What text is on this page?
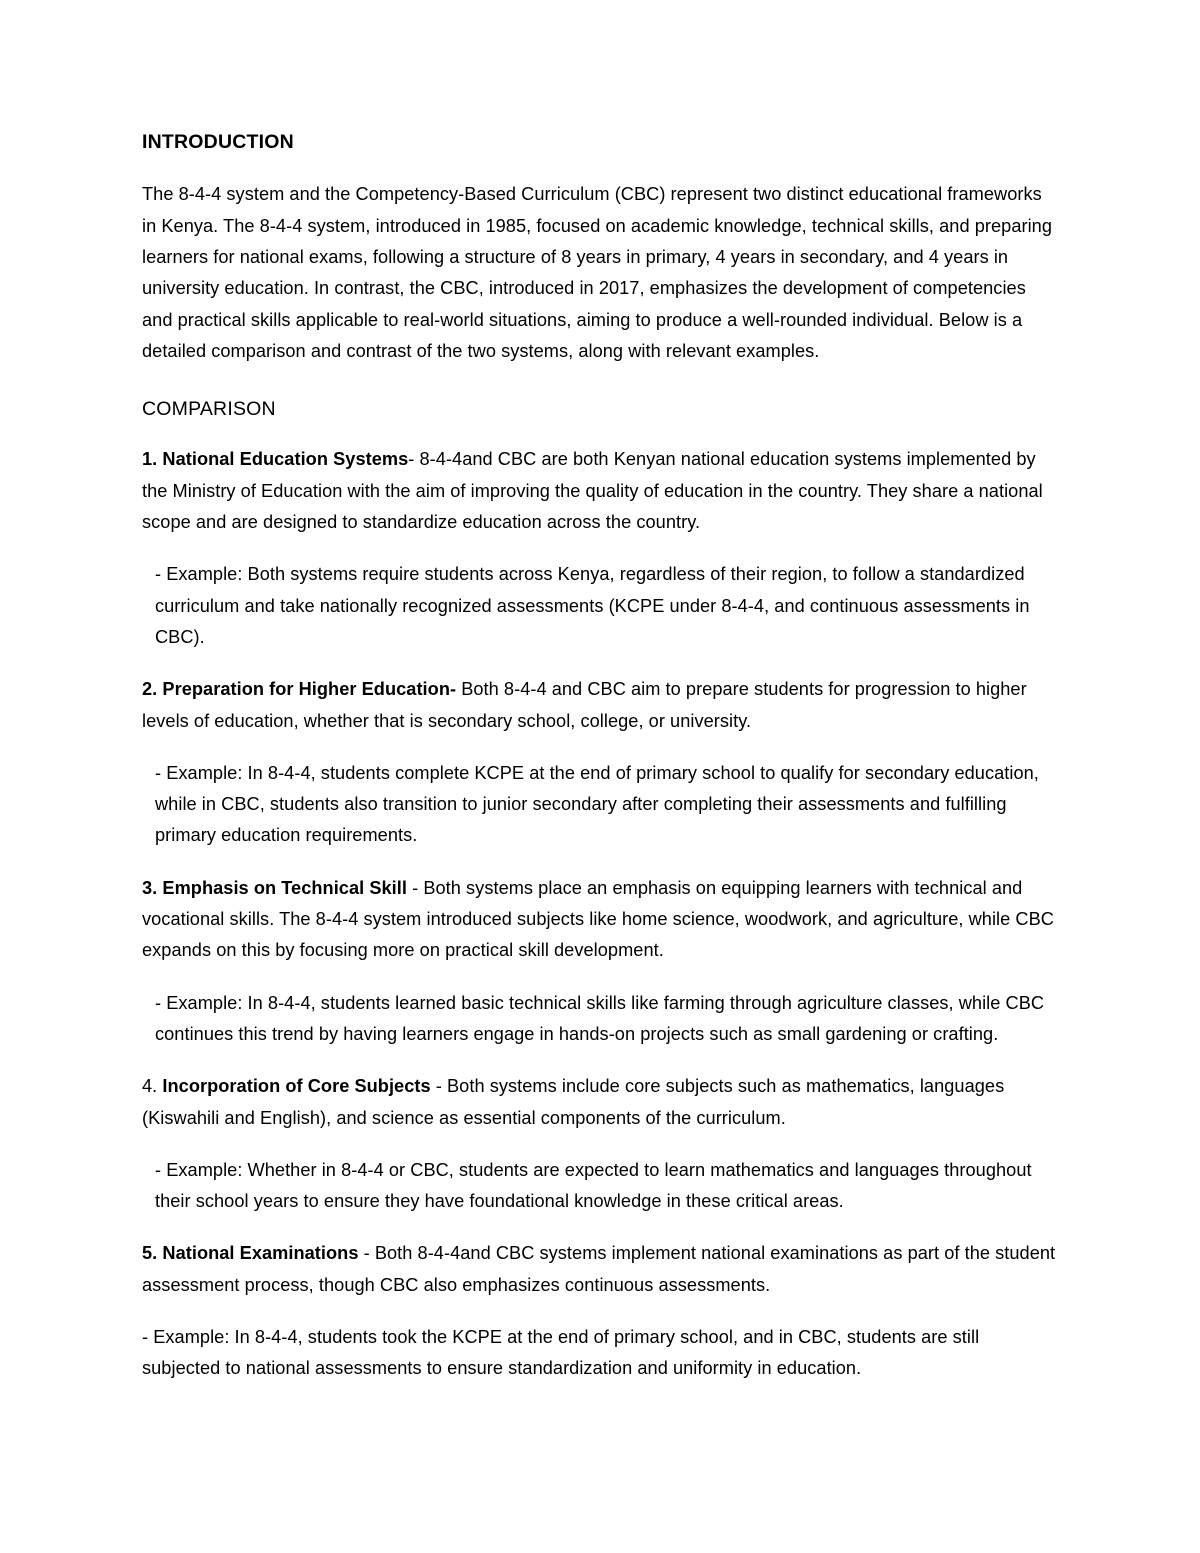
INTRODUCTION

The 8-4-4 system and the Competency-Based Curriculum (CBC) represent two distinct educational frameworks in Kenya. The 8-4-4 system, introduced in 1985, focused on academic knowledge, technical skills, and preparing learners for national exams, following a structure of 8 years in primary, 4 years in secondary, and 4 years in university education. In contrast, the CBC, introduced in 2017, emphasizes the development of competencies and practical skills applicable to real-world situations, aiming to produce a well-rounded individual. Below is a detailed comparison and contrast of the two systems, along with relevant examples.

COMPARISON

1. National Education Systems- 8-4-4and CBC are both Kenyan national education systems implemented by the Ministry of Education with the aim of improving the quality of education in the country. They share a national scope and are designed to standardize education across the country.

- Example: Both systems require students across Kenya, regardless of their region, to follow a standardized curriculum and take nationally recognized assessments (KCPE under 8-4-4, and continuous assessments in CBC).

2. Preparation for Higher Education- Both 8-4-4 and CBC aim to prepare students for progression to higher levels of education, whether that is secondary school, college, or university.

- Example: In 8-4-4, students complete KCPE at the end of primary school to qualify for secondary education, while in CBC, students also transition to junior secondary after completing their assessments and fulfilling primary education requirements.

3. Emphasis on Technical Skill - Both systems place an emphasis on equipping learners with technical and vocational skills. The 8-4-4 system introduced subjects like home science, woodwork, and agriculture, while CBC expands on this by focusing more on practical skill development.

- Example: In 8-4-4, students learned basic technical skills like farming through agriculture classes, while CBC continues this trend by having learners engage in hands-on projects such as small gardening or crafting.

4. Incorporation of Core Subjects - Both systems include core subjects such as mathematics, languages (Kiswahili and English), and science as essential components of the curriculum.

- Example: Whether in 8-4-4 or CBC, students are expected to learn mathematics and languages throughout their school years to ensure they have foundational knowledge in these critical areas.

5. National Examinations - Both 8-4-4and CBC systems implement national examinations as part of the student assessment process, though CBC also emphasizes continuous assessments.

- Example: In 8-4-4, students took the KCPE at the end of primary school, and in CBC, students are still subjected to national assessments to ensure standardization and uniformity in education.
